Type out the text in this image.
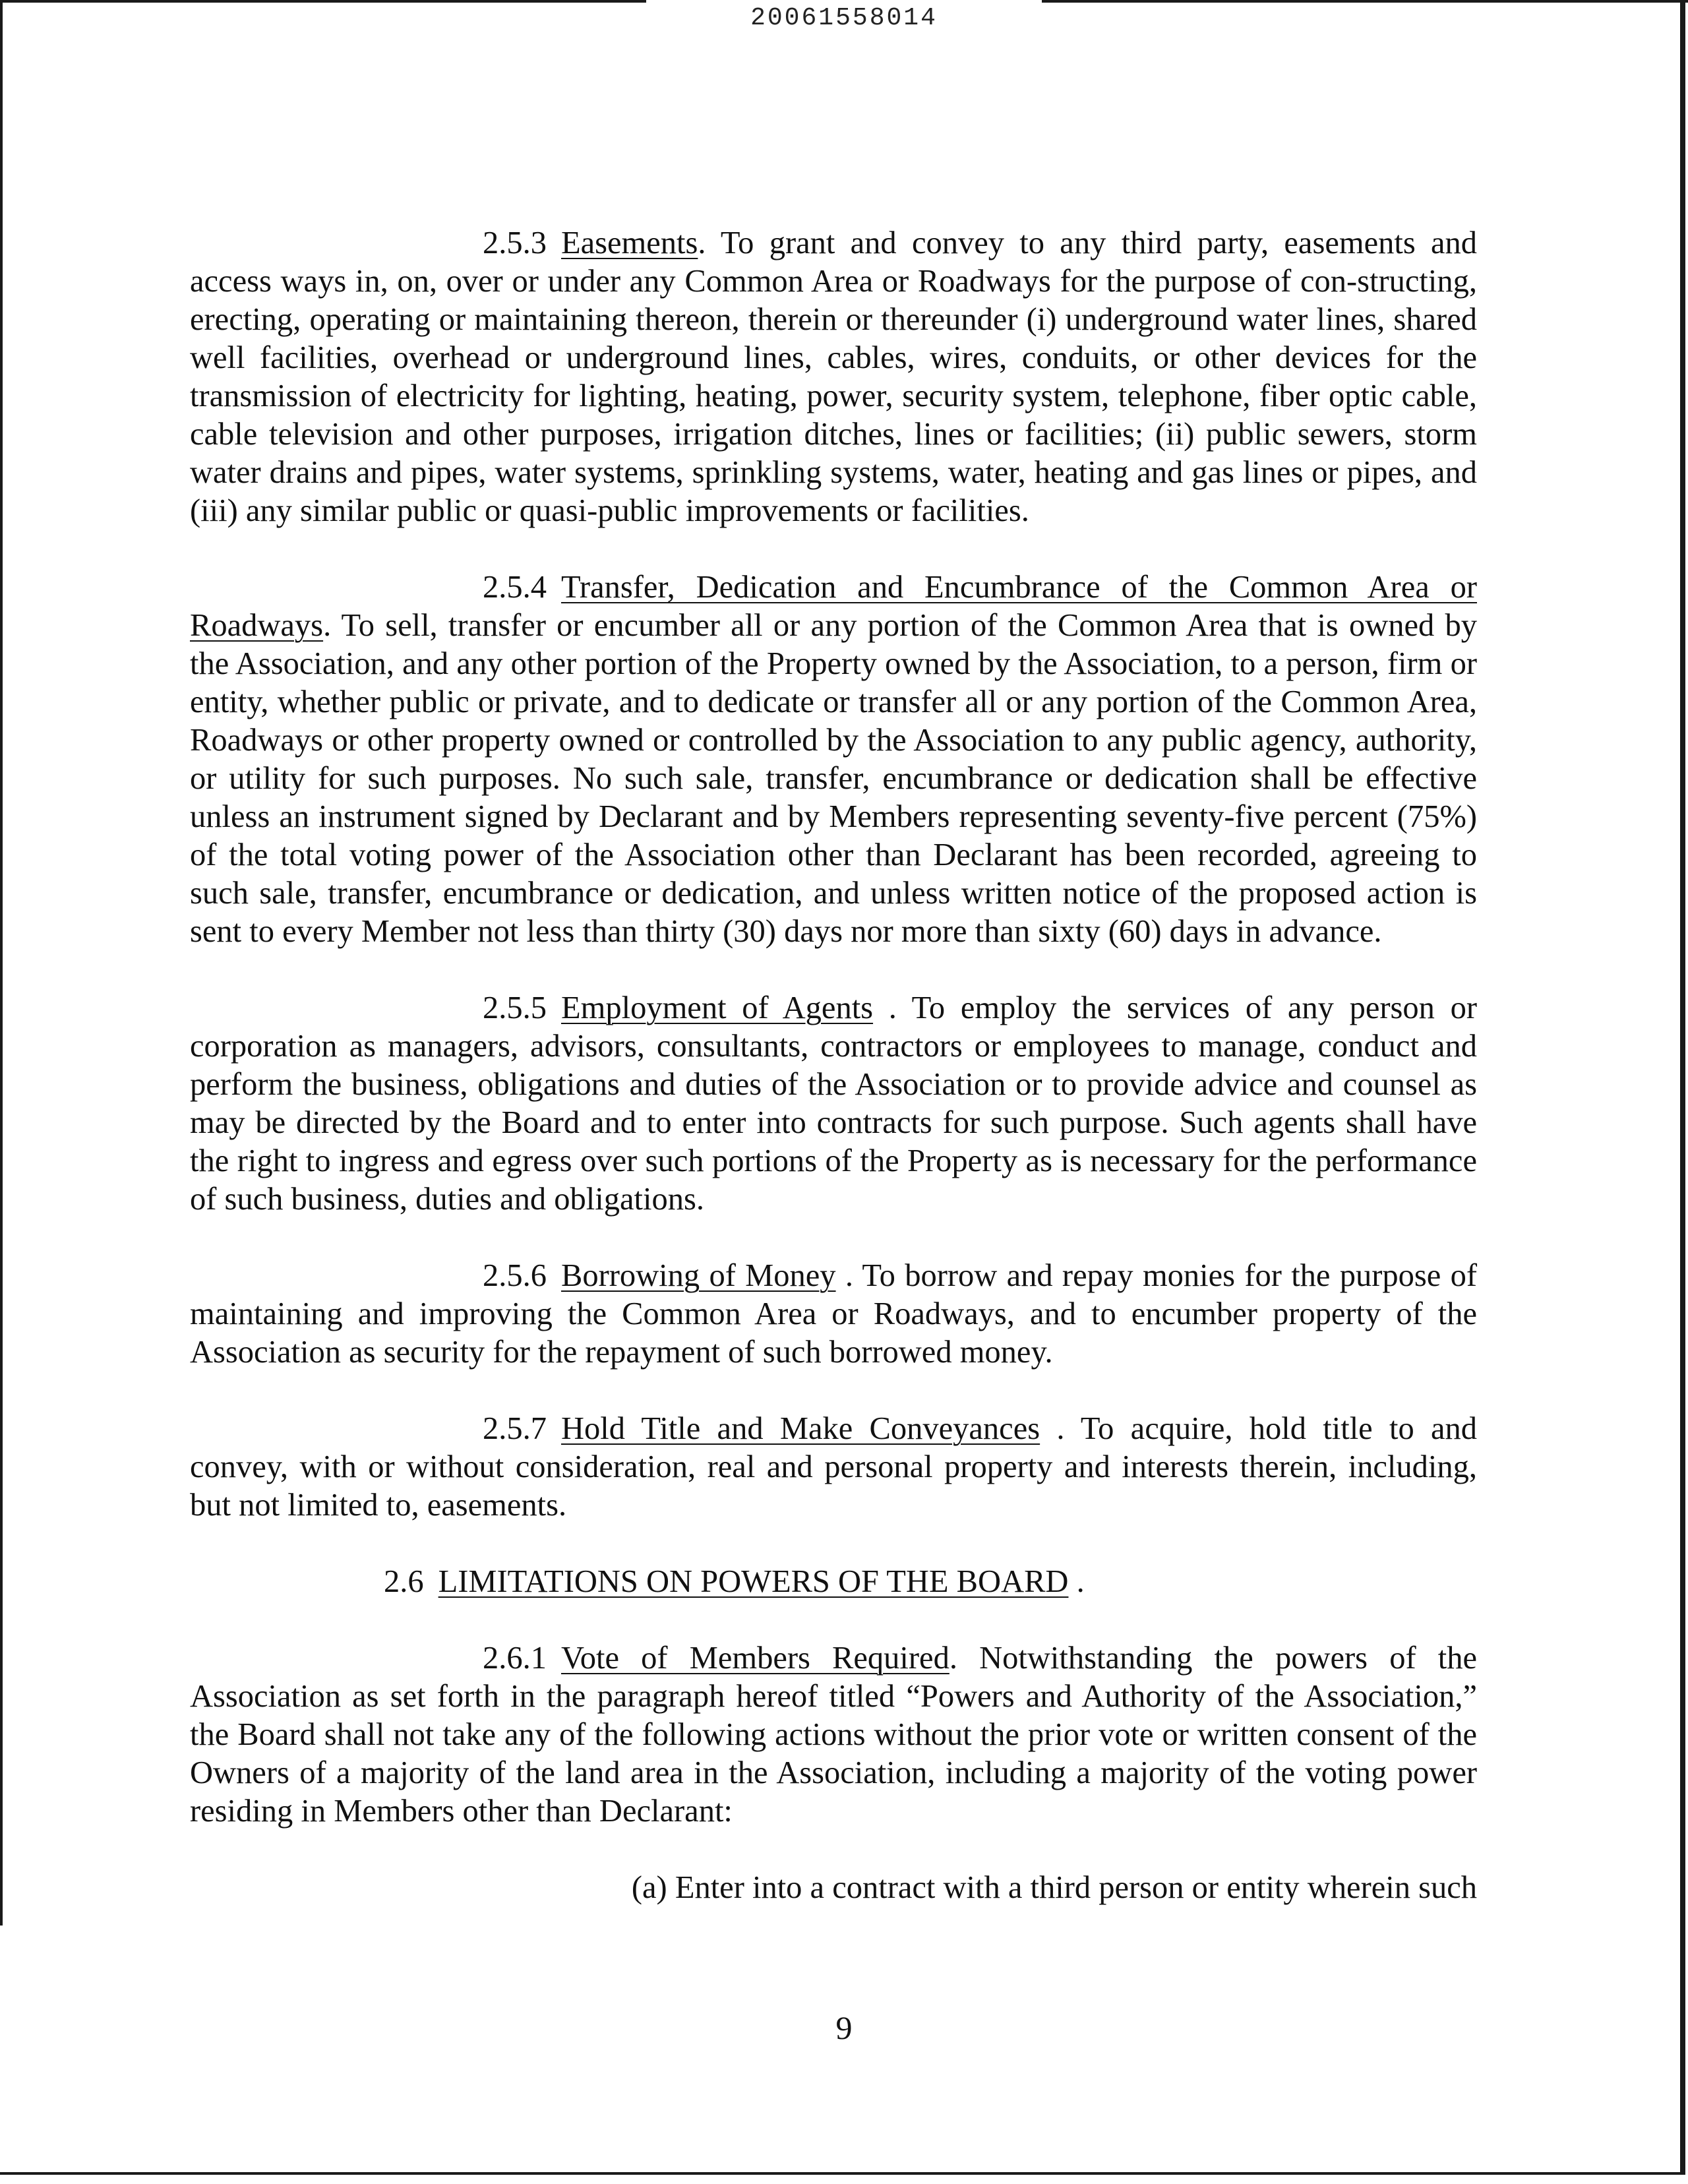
20061558014

2.5.3 Easements. To grant and convey to any third party, easements and access ways in, on, over or under any Common Area or Roadways for the purpose of con-structing, erecting, operating or maintaining thereon, therein or thereunder (i) underground water lines, shared well facilities, overhead or underground lines, cables, wires, conduits, or other devices for the transmission of electricity for lighting, heating, power, security system, telephone, fiber optic cable, cable television and other purposes, irrigation ditches, lines or facilities; (ii) public sewers, storm water drains and pipes, water systems, sprinkling systems, water, heating and gas lines or pipes, and (iii) any similar public or quasi-public improvements or facilities.

2.5.4 Transfer, Dedication and Encumbrance of the Common Area or Roadways. To sell, transfer or encumber all or any portion of the Common Area that is owned by the Association, and any other portion of the Property owned by the Association, to a person, firm or entity, whether public or private, and to dedicate or transfer all or any portion of the Common Area, Roadways or other property owned or controlled by the Association to any public agency, authority, or utility for such purposes. No such sale, transfer, encumbrance or dedication shall be effective unless an instrument signed by Declarant and by Members representing seventy-five percent (75%) of the total voting power of the Association other than Declarant has been recorded, agreeing to such sale, transfer, encumbrance or dedication, and unless written notice of the proposed action is sent to every Member not less than thirty (30) days nor more than sixty (60) days in advance.

2.5.5 Employment of Agents . To employ the services of any person or corporation as managers, advisors, consultants, contractors or employees to manage, conduct and perform the business, obligations and duties of the Association or to provide advice and counsel as may be directed by the Board and to enter into contracts for such purpose. Such agents shall have the right to ingress and egress over such portions of the Property as is necessary for the performance of such business, duties and obligations.

2.5.6 Borrowing of Money . To borrow and repay monies for the purpose of maintaining and improving the Common Area or Roadways, and to encumber property of the Association as security for the repayment of such borrowed money.

2.5.7 Hold Title and Make Conveyances . To acquire, hold title to and convey, with or without consideration, real and personal property and interests therein, including, but not limited to, easements.

2.6 LIMITATIONS ON POWERS OF THE BOARD .

2.6.1 Vote of Members Required. Notwithstanding the powers of the Association as set forth in the paragraph hereof titled “Powers and Authority of the Association,” the Board shall not take any of the following actions without the prior vote or written consent of the Owners of a majority of the land area in the Association, including a majority of the voting power residing in Members other than Declarant:

(a) Enter into a contract with a third person or entity wherein such

9
